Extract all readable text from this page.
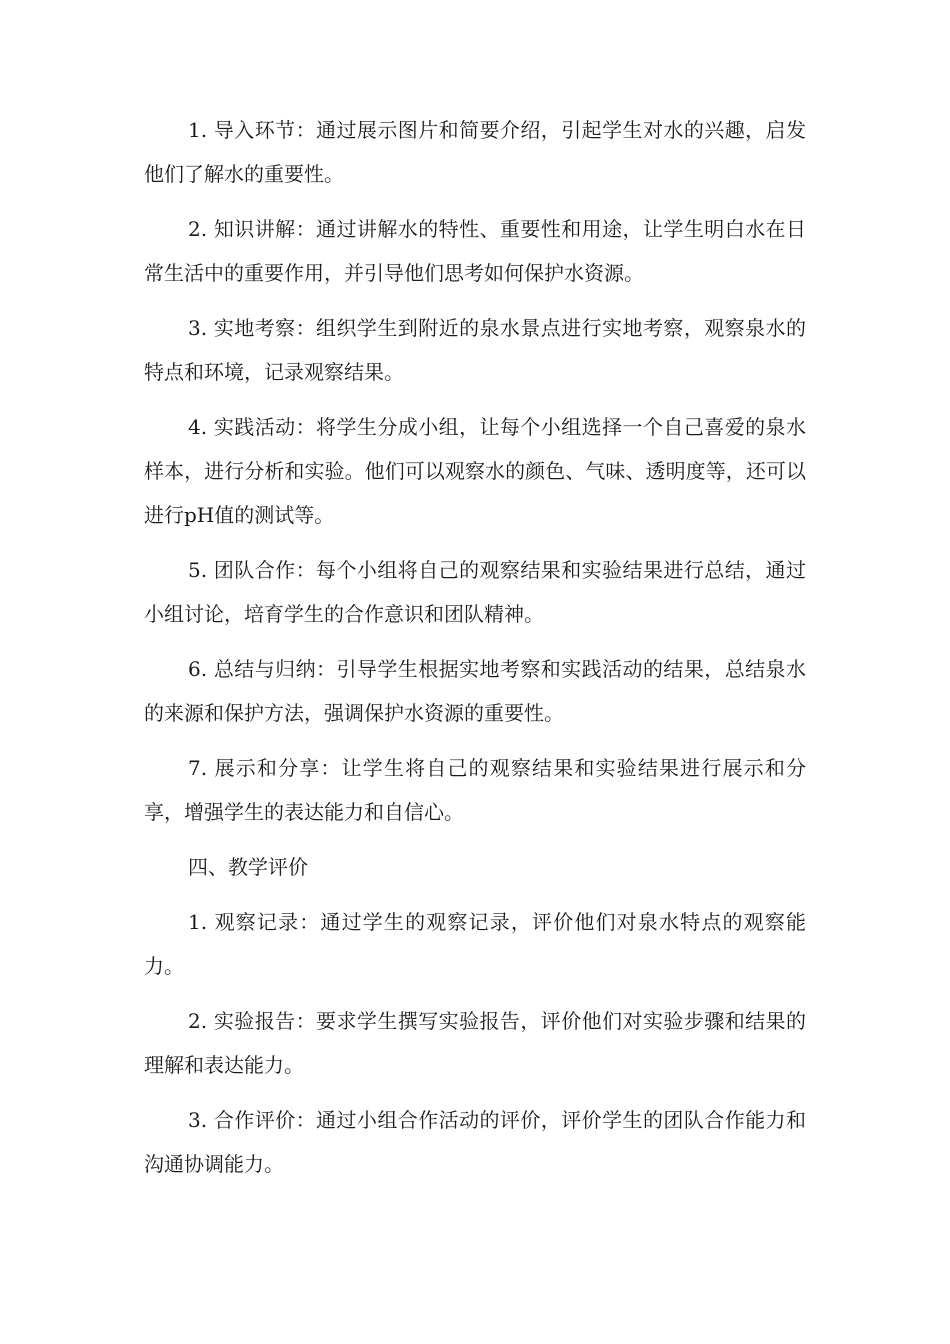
1. 导入环节：通过展示图片和简要介绍，引起学生对水的兴趣，启发他们了解水的重要性。

2. 知识讲解：通过讲解水的特性、重要性和用途，让学生明白水在日常生活中的重要作用，并引导他们思考如何保护水资源。

3. 实地考察：组织学生到附近的泉水景点进行实地考察，观察泉水的特点和环境，记录观察结果。

4. 实践活动：将学生分成小组，让每个小组选择一个自己喜爱的泉水样本，进行分析和实验。他们可以观察水的颜色、气味、透明度等，还可以进行pH值的测试等。

5. 团队合作：每个小组将自己的观察结果和实验结果进行总结，通过小组讨论，培育学生的合作意识和团队精神。

6. 总结与归纳：引导学生根据实地考察和实践活动的结果，总结泉水的来源和保护方法，强调保护水资源的重要性。

7. 展示和分享：让学生将自己的观察结果和实验结果进行展示和分享，增强学生的表达能力和自信心。

四、教学评价

1. 观察记录：通过学生的观察记录，评价他们对泉水特点的观察能力。

2. 实验报告：要求学生撰写实验报告，评价他们对实验步骤和结果的理解和表达能力。

3. 合作评价：通过小组合作活动的评价，评价学生的团队合作能力和沟通协调能力。
